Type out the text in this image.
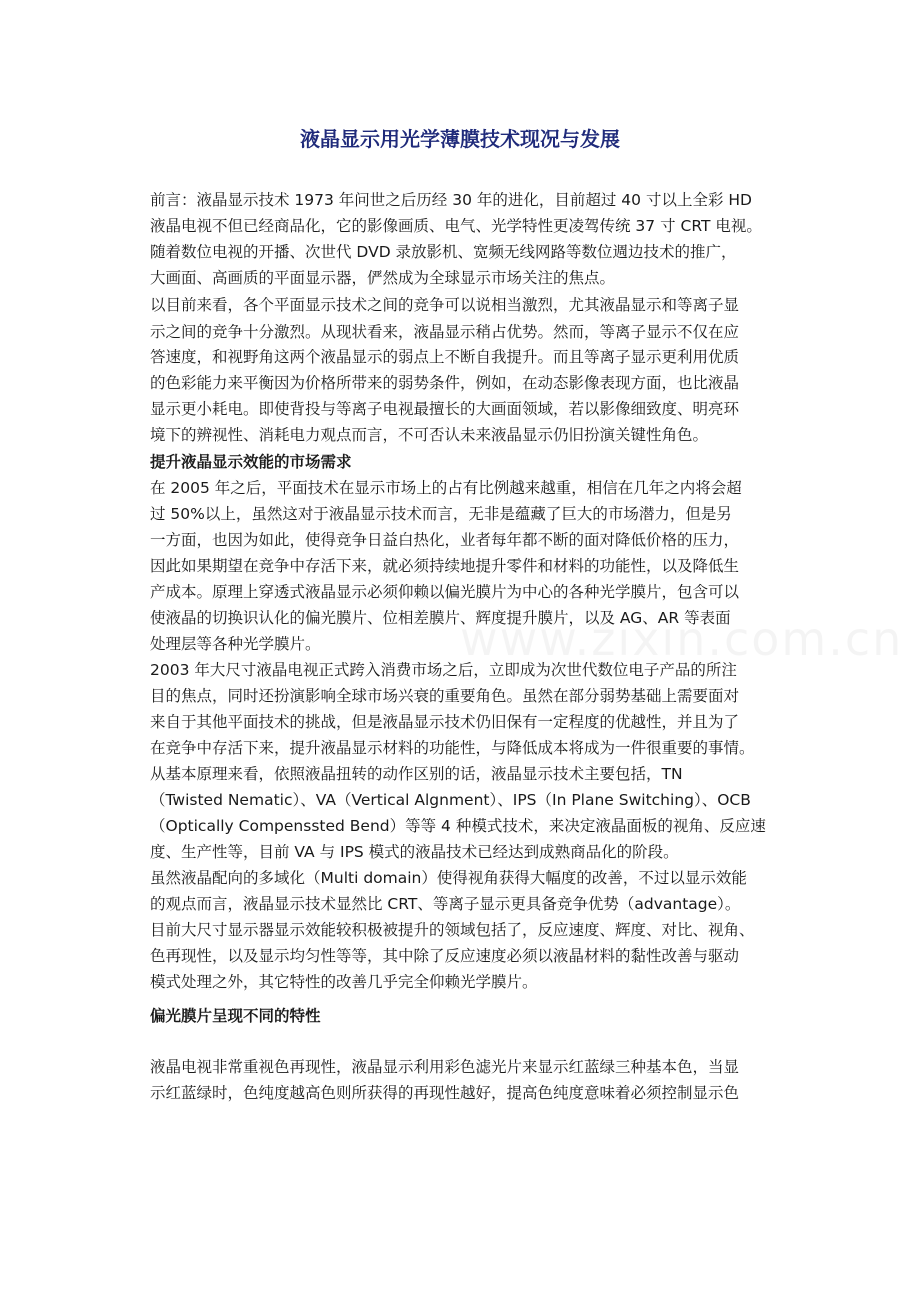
液晶显示用光学薄膜技术现况与发展
前言：液晶显示技术 1973 年问世之后历经 30 年的进化，目前超过 40 寸以上全彩 HD
液晶电视不但已经商品化，它的影像画质、电气、光学特性更凌驾传统 37 寸 CRT 电视。
随着数位电视的开播、次世代 DVD 录放影机、宽频无线网路等数位週边技术的推广，
大画面、高画质的平面显示器，俨然成为全球显示市场关注的焦点。
以目前来看，各个平面显示技术之间的竞争可以说相当激烈，尤其液晶显示和等离子显
示之间的竞争十分激烈。从现状看来，液晶显示稍占优势。然而，等离子显示不仅在应
答速度，和视野角这两个液晶显示的弱点上不断自我提升。而且等离子显示更利用优质
的色彩能力来平衡因为价格所带来的弱势条件，例如，在动态影像表现方面，也比液晶
显示更小耗电。即使背投与等离子电视最擅长的大画面领域，若以影像细致度、明亮环
境下的辨视性、消耗电力观点而言，不可否认未来液晶显示仍旧扮演关键性角色。
提升液晶显示效能的市场需求
在 2005 年之后，平面技术在显示市场上的占有比例越来越重，相信在几年之内将会超
过 50%以上，虽然这对于液晶显示技术而言，无非是蕴藏了巨大的市场潜力，但是另
一方面，也因为如此，使得竞争日益白热化，业者每年都不断的面对降低价格的压力，
因此如果期望在竞争中存活下来，就必须持续地提升零件和材料的功能性，以及降低生
产成本。原理上穿透式液晶显示必须仰赖以偏光膜片为中心的各种光学膜片，包含可以
使液晶的切换识认化的偏光膜片、位相差膜片、辉度提升膜片，以及 AG、AR 等表面
处理层等各种光学膜片。
2003 年大尺寸液晶电视正式跨入消费市场之后，立即成为次世代数位电子产品的所注
目的焦点，同时还扮演影响全球市场兴衰的重要角色。虽然在部分弱势基础上需要面对
来自于其他平面技术的挑战，但是液晶显示技术仍旧保有一定程度的优越性，并且为了
在竞争中存活下来，提升液晶显示材料的功能性，与降低成本将成为一件很重要的事情。
从基本原理来看，依照液晶扭转的动作区别的话，液晶显示技术主要包括，TN
（Twisted Nematic）、VA（Vertical Algnment）、IPS（In Plane Switching）、OCB
（Optically Compenssted Bend）等等 4 种模式技术，来决定液晶面板的视角、反应速
度、生产性等，目前 VA 与 IPS 模式的液晶技术已经达到成熟商品化的阶段。
虽然液晶配向的多域化（Multi domain）使得视角获得大幅度的改善，不过以显示效能
的观点而言，液晶显示技术显然比 CRT、等离子显示更具备竞争优势（advantage）。
目前大尺寸显示器显示效能较积极被提升的领域包括了，反应速度、辉度、对比、视角、
色再现性，以及显示均匀性等等，其中除了反应速度必须以液晶材料的黏性改善与驱动
模式处理之外，其它特性的改善几乎完全仰赖光学膜片。
偏光膜片呈现不同的特性
液晶电视非常重视色再现性，液晶显示利用彩色滤光片来显示红蓝绿三种基本色，当显
示红蓝绿时，色纯度越高色则所获得的再现性越好，提高色纯度意味着必须控制显示色
